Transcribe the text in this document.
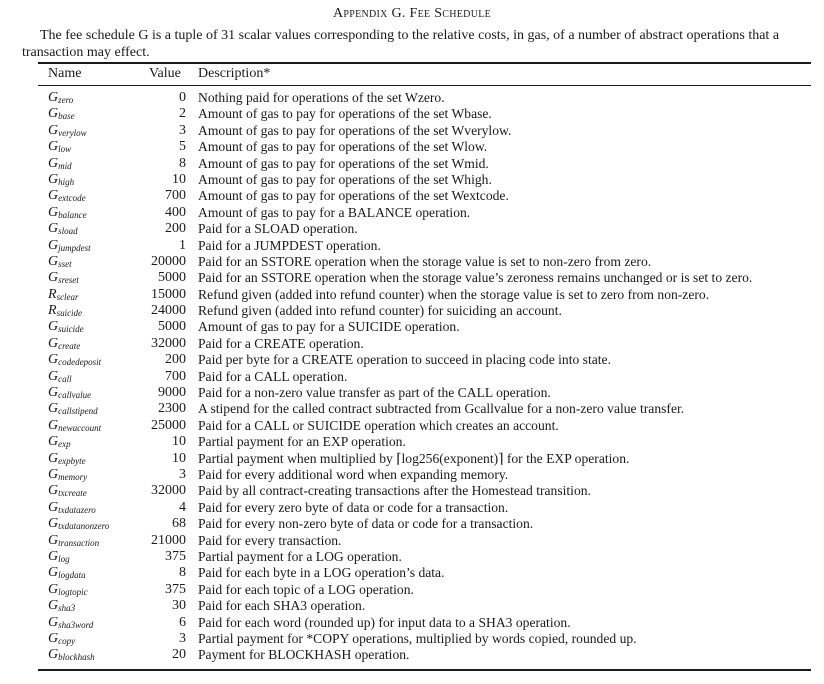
Appendix G. Fee Schedule
The fee schedule G is a tuple of 31 scalar values corresponding to the relative costs, in gas, of a number of abstract operations that a transaction may effect.
Name	Value Description*
$G_{zero}$	0 Nothing paid for operations of the set Wzero.
$G_{base}$	2 Amount of gas to pay for operations of the set Wbase.
$G_{verylow}$	3 Amount of gas to pay for operations of the set Wverylow.
$G_{low}$	5 Amount of gas to pay for operations of the set Wlow.
$G_{mid}$	8 Amount of gas to pay for operations of the set Wmid.
$G_{high}$	10 Amount of gas to pay for operations of the set Whigh.
$G_{extcode}$	700 Amount of gas to pay for operations of the set Wextcode.
$G_{balance}$	400 Amount of gas to pay for a BALANCE operation.
$G_{sload}$	200 Paid for a SLOAD operation.
$G_{jumpdest}$	1 Paid for a JUMPDEST operation.
$G_{sset}$	20000 Paid for an SSTORE operation when the storage value is set to non-zero from zero.
$G_{sreset}$	5000 Paid for an SSTORE operation when the storage value’s zeroness remains unchanged or is set to zero.
$R_{sclear}$	15000 Refund given (added into refund counter) when the storage value is set to zero from non-zero.
$R_{suicide}$	24000 Refund given (added into refund counter) for suiciding an account.
$G_{suicide}$	5000 Amount of gas to pay for a SUICIDE operation.
$G_{create}$	32000 Paid for a CREATE operation.
$G_{codedeposit}$	200 Paid per byte for a CREATE operation to succeed in placing code into state.
$G_{call}$	700 Paid for a CALL operation.
$G_{callvalue}$	9000 Paid for a non-zero value transfer as part of the CALL operation.
$G_{callstipend}$	2300 A stipend for the called contract subtracted from Gcallvalue for a non-zero value transfer.
$G_{newaccount}$	25000 Paid for a CALL or SUICIDE operation which creates an account.
$G_{exp}$	10 Partial payment for an EXP operation.
$G_{expbyte}$	10 Partial payment when multiplied by ⌈log256(exponent)⌉ for the EXP operation.
$G_{memory}$	3 Paid for every additional word when expanding memory.
$G_{txcreate}$	32000 Paid by all contract-creating transactions after the Homestead transition.
$G_{txdatazero}$	4 Paid for every zero byte of data or code for a transaction.
$G_{txdatanonzero}$	68 Paid for every non-zero byte of data or code for a transaction.
$G_{transaction}$	21000 Paid for every transaction.
$G_{log}$	375 Partial payment for a LOG operation.
$G_{logdata}$	8 Paid for each byte in a LOG operation’s data.
$G_{logtopic}$	375 Paid for each topic of a LOG operation.
$G_{sha3}$	30 Paid for each SHA3 operation.
$G_{sha3word}$	6 Paid for each word (rounded up) for input data to a SHA3 operation.
$G_{copy}$	3 Partial payment for *COPY operations, multiplied by words copied, rounded up.
$G_{blockhash}$	20 Payment for BLOCKHASH operation.
